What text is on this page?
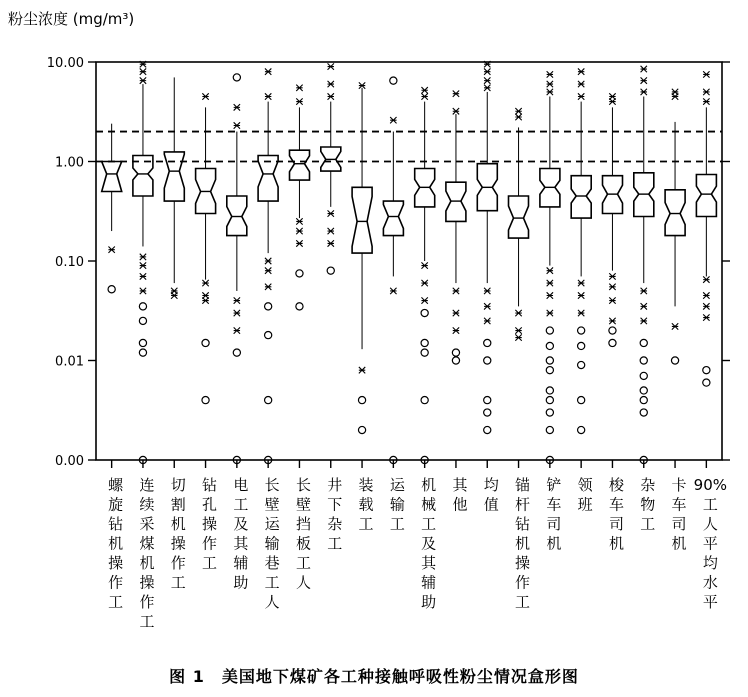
粉尘浓度 (mg/m³)
0.00
0.01
0.10
1.00
10.00
螺旋钻机操作工
连续采煤机操作工
切割机操作工
钻孔操作工
电工及其辅助
长壁运输巷工人
长壁挡板工人
井下杂工
装载工
运输工
机械工及其辅助
其他
均值
锚杆钻机操作工
铲车司机
领班
梭车司机
杂物工
卡车司机
90%工人平均水平
图 1　美国地下煤矿各工种接触呼吸性粉尘情况盒形图
